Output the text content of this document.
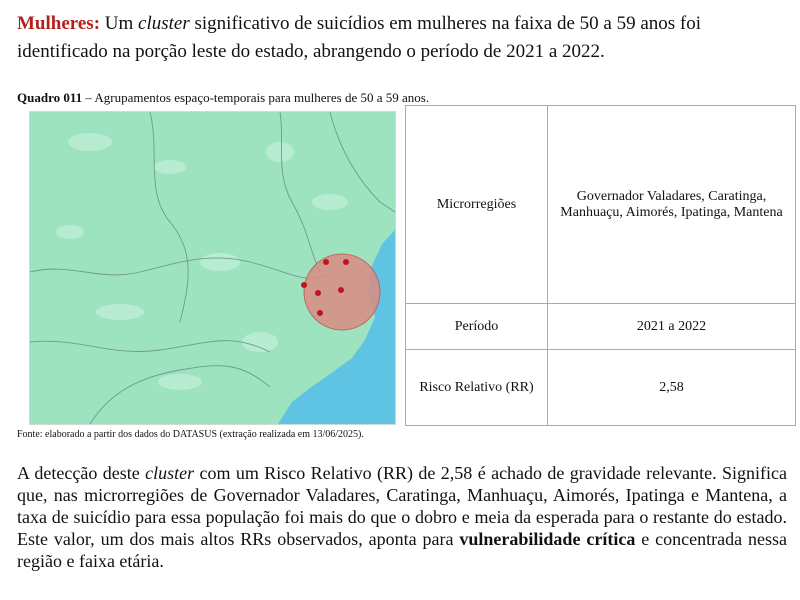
Mulheres: Um cluster significativo de suicídios em mulheres na faixa de 50 a 59 anos foi identificado na porção leste do estado, abrangendo o período de 2021 a 2022.
Quadro 011 – Agrupamentos espaço-temporais para mulheres de 50 a 59 anos.
Microrregiões	Governador Valadares, Caratinga, Manhuaçu, Aimorés, Ipatinga, Mantena
Período	2021 a 2022
Risco Relativo (RR)	2,58
Fonte: elaborado a partir dos dados do DATASUS (extração realizada em 13/06/2025).
A detecção deste cluster com um Risco Relativo (RR) de 2,58 é achado de gravidade relevante. Significa que, nas microrregiões de Governador Valadares, Caratinga, Manhuaçu, Aimorés, Ipatinga e Mantena, a taxa de suicídio para essa população foi mais do que o dobro e meia da esperada para o restante do estado. Este valor, um dos mais altos RRs observados, aponta para vulnerabilidade crítica e concentrada nessa região e faixa etária.
